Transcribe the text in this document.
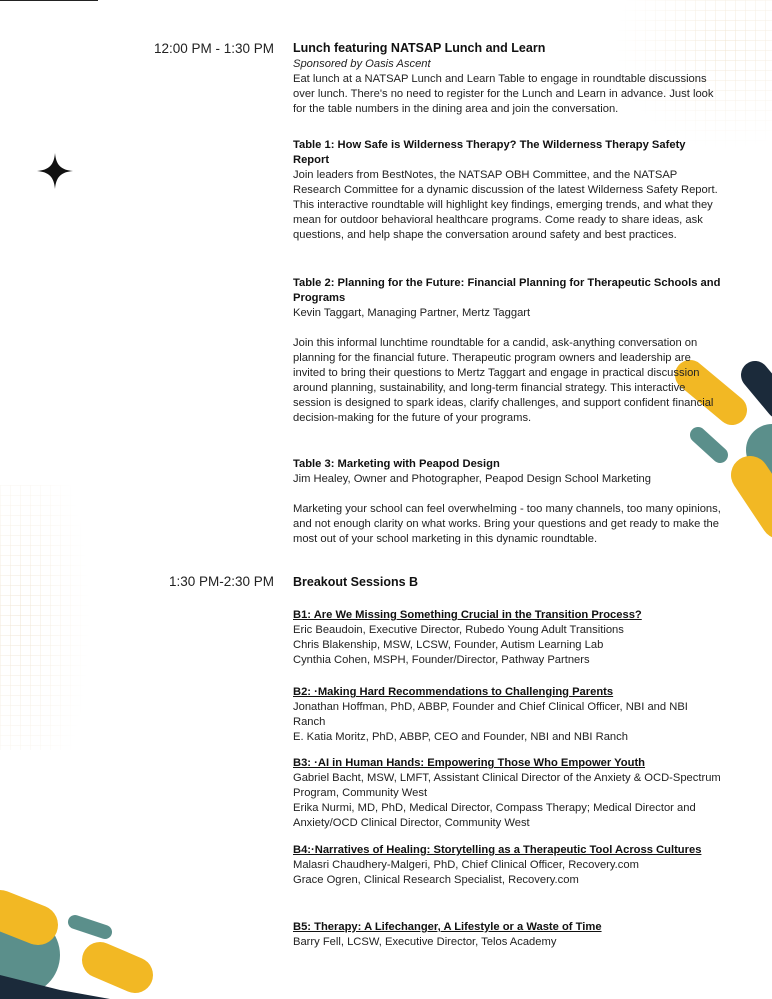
12:00 PM - 1:30 PM Lunch featuring NATSAP Lunch and Learn
Sponsored by Oasis Ascent

Eat lunch at a NATSAP Lunch and Learn Table to engage in roundtable discussions over lunch. There's no need to register for the Lunch and Learn in advance. Just look for the table numbers in the dining area and join the conversation.

Table 1: How Safe is Wilderness Therapy? The Wilderness Therapy Safety Report

Join leaders from BestNotes, the NATSAP OBH Committee, and the NATSAP Research Committee for a dynamic discussion of the latest Wilderness Safety Report. This interactive roundtable will highlight key findings, emerging trends, and what they mean for outdoor behavioral healthcare programs. Come ready to share ideas, ask questions, and help shape the conversation around safety and best practices.

Table 2: Planning for the Future: Financial Planning for Therapeutic Schools and Programs

Kevin Taggart, Managing Partner, Mertz Taggart

Join this informal lunchtime roundtable for a candid, ask-anything conversation on planning for the financial future. Therapeutic program owners and leadership are invited to bring their questions to Mertz Taggart and engage in practical discussion around planning, sustainability, and long-term financial strategy. This interactive session is designed to spark ideas, clarify challenges, and support confident financial decision-making for the future of your programs.

Table 3: Marketing with Peapod Design

Jim Healey, Owner and Photographer, Peapod Design School Marketing

Marketing your school can feel overwhelming - too many channels, too many opinions, and not enough clarity on what works. Bring your questions and get ready to make the most out of your school marketing in this dynamic roundtable.

1:30 PM-2:30 PM Breakout Sessions B
B1: Are We Missing Something Crucial in the Transition Process?

Eric Beaudoin, Executive Director, Rubedo Young Adult Transitions

Chris Blakenship, MSW, LCSW, Founder, Autism Learning Lab

Cynthia Cohen, MSPH, Founder/Director, Pathway Partners

B2: ·Making Hard Recommendations to Challenging Parents

Jonathan Hoffman, PhD, ABBP, Founder and Chief Clinical Officer, NBI and NBI Ranch

E. Katia Moritz, PhD, ABBP, CEO and Founder, NBI and NBI Ranch

B3: ·AI in Human Hands: Empowering Those Who Empower Youth

Gabriel Bacht, MSW, LMFT, Assistant Clinical Director of the Anxiety & OCD-Spectrum Program, Community West

Erika Nurmi, MD, PhD, Medical Director, Compass Therapy; Medical Director and Anxiety/OCD Clinical Director, Community West

B4:·Narratives of Healing: Storytelling as a Therapeutic Tool Across Cultures

Malasri Chaudhery-Malgeri, PhD, Chief Clinical Officer, Recovery.com

Grace Ogren, Clinical Research Specialist, Recovery.com

B5: Therapy: A Lifechanger, A Lifestyle or a Waste of Time

Barry Fell, LCSW, Executive Director, Telos Academy
